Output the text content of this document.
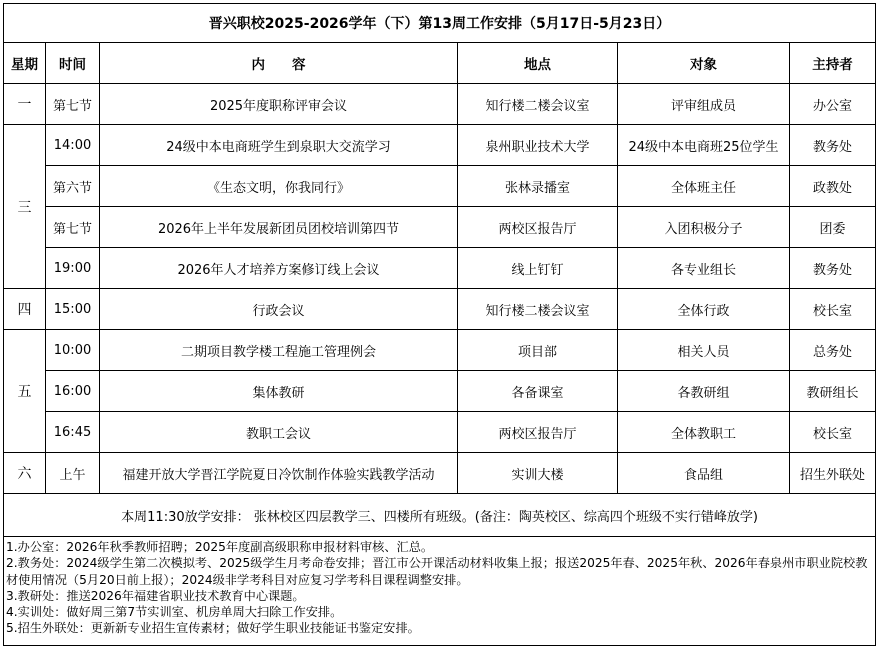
晋兴职校2025-2026学年（下）第13周工作安排（5月17日-5月23日）					
星期	时间	内　　容	地点	对象	主持者
一	第七节	2025年度职称评审会议	知行楼二楼会议室	评审组成员	办公室
三	14:00	24级中本电商班学生到泉职大交流学习	泉州职业技术大学	24级中本电商班25位学生	教务处
	第六节	《生态文明，你我同行》	张林录播室	全体班主任	政教处
	第七节	2026年上半年发展新团员团校培训第四节	两校区报告厅	入团积极分子	团委
	19:00	2026年人才培养方案修订线上会议	线上钉钉	各专业组长	教务处
四	15:00	行政会议	知行楼二楼会议室	全体行政	校长室
五	10:00	二期项目教学楼工程施工管理例会	项目部	相关人员	总务处
	16:00	集体教研	各备课室	各教研组	教研组长
	16:45	教职工会议	两校区报告厅	全体教职工	校长室
六	上午	福建开放大学晋江学院夏日冷饮制作体验实践教学活动	实训大楼	食品组	招生外联处
本周11:30放学安排： 张林校区四层教学三、四楼所有班级。(备注：陶英校区、综高四个班级不实行错峰放学)					

1.办公室：2026年秋季教师招聘；2025年度副高级职称申报材料审核、汇总。
2.教务处：2024级学生第二次模拟考、2025级学生月考命卷安排；晋江市公开课活动材料收集上报；报送2025年春、2025年秋、2026年春泉州市职业院校教材使用情况（5月20日前上报）；2024级非学考科目对应复习学考科目课程调整安排。
3.教研处：推送2026年福建省职业技术教育中心课题。
4.实训处：做好周三第7节实训室、机房单周大扫除工作安排。
5.招生外联处：更新新专业招生宣传素材；做好学生职业技能证书鉴定安排。					
